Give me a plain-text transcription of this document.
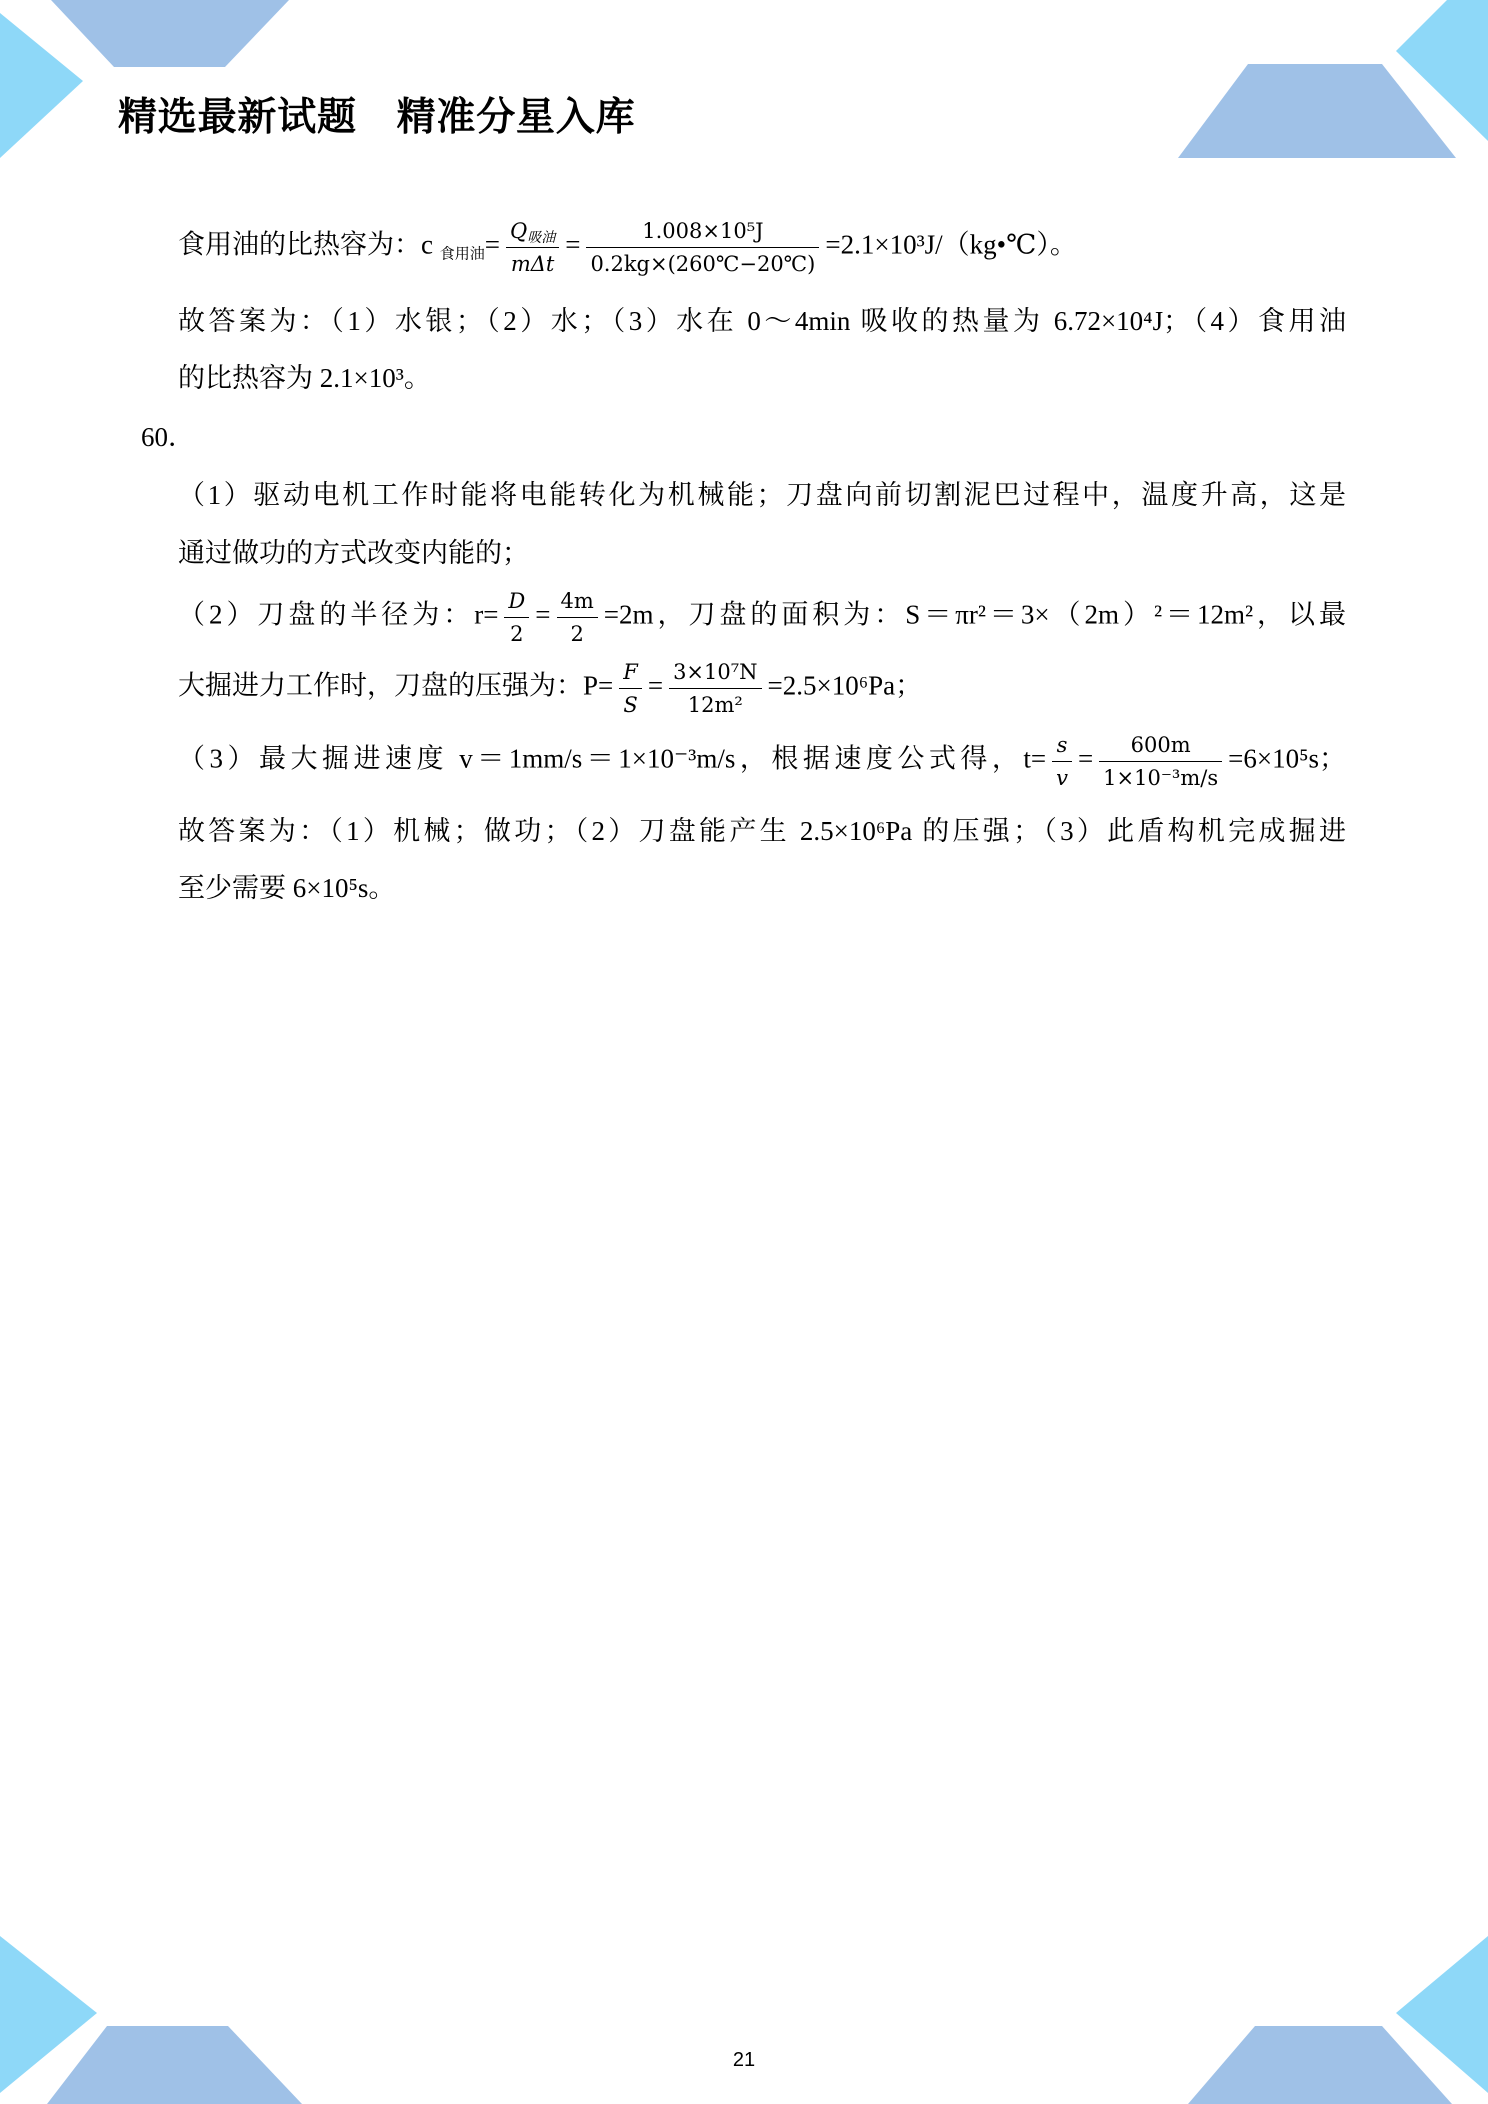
精选最新试题　精准分星入库
食用油的比热容为：c 食用油= $\frac{\text{Q吸油}}{\text{mΔt}} = \frac{\text{1.008×10⁵J}}{0.2kg\times(260℃-20℃)}$ =2.1×10³J/（kg•℃）。
故答案为：（1）水银；（2）水；（3）水在 0～4min 吸收的热量为 6.72×10⁴J；（4）食用油
的比热容为 2.1×10³。
60．
（1）驱动电机工作时能将电能转化为机械能；刀盘向前切割泥巴过程中，温度升高，这是
通过做功的方式改变内能的；
（2）刀盘的半径为：$r= \frac{D}{2} = \frac{4m}{2} =2m$，刀盘的面积为：S＝πr²＝3×（2m）²＝12m²，以最
大掘进力工作时，刀盘的压强为：$P= \frac{F}{S} = \frac{\text{3×10⁷N}}{\text{12m²}} =2.5\times 10^6Pa$；
（3）最大掘进速度 v＝1mm/s＝1×10⁻³m/s，根据速度公式得，$t= \frac{s}{v} = \frac{600m}{\text{1×10⁻³m/s}} =6\times 10^5s$；
故答案为：（1）机械；做功；（2）刀盘能产生 2.5×10⁶Pa 的压强；（3）此盾构机完成掘进
至少需要 6×10⁵s。
21
